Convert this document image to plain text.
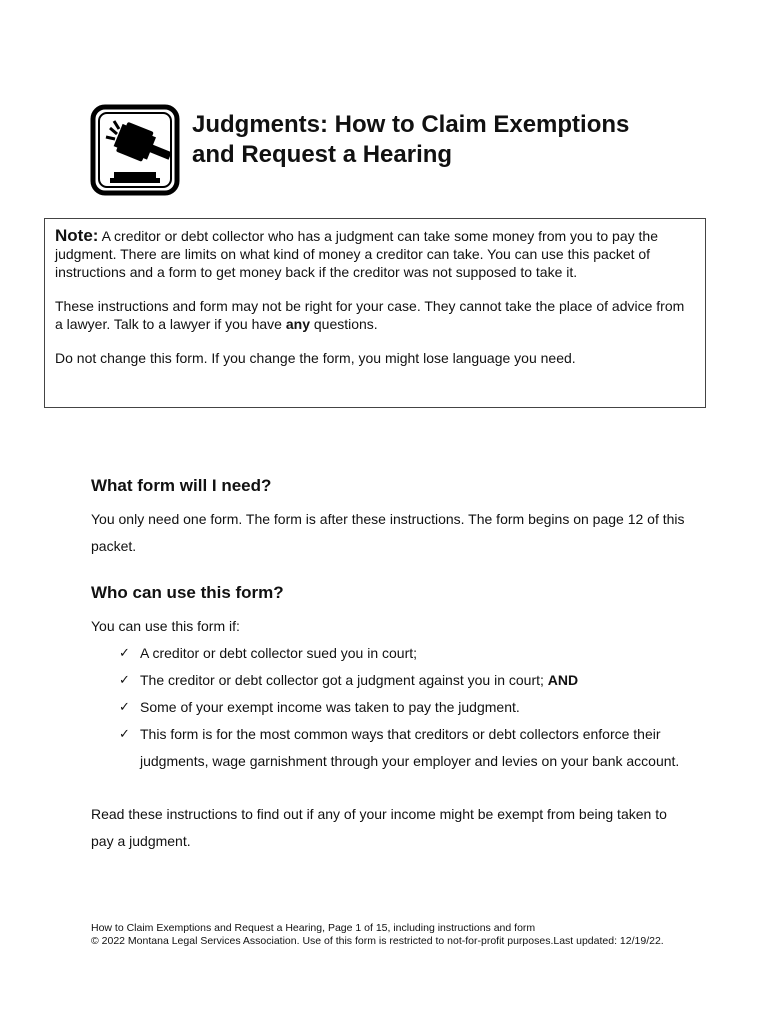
Judgments: How to Claim Exemptions
and Request a Hearing

Note: A creditor or debt collector who has a judgment can take some money from you to pay the judgment. There are limits on what kind of money a creditor can take. You can use this packet of instructions and a form to get money back if the creditor was not supposed to take it.

These instructions and form may not be right for your case. They cannot take the place of advice from a lawyer. Talk to a lawyer if you have any questions.

Do not change this form. If you change the form, you might lose language you need.

What form will I need?

You only need one form. The form is after these instructions. The form begins on page 12 of this packet.

Who can use this form?

You can use this form if:

✓ A creditor or debt collector sued you in court;
✓ The creditor or debt collector got a judgment against you in court; AND
✓ Some of your exempt income was taken to pay the judgment.
✓ This form is for the most common ways that creditors or debt collectors enforce their judgments, wage garnishment through your employer and levies on your bank account.

Read these instructions to find out if any of your income might be exempt from being taken to pay a judgment.

How to Claim Exemptions and Request a Hearing, Page 1 of 15, including instructions and form
© 2022 Montana Legal Services Association. Use of this form is restricted to not-for-profit purposes.Last updated: 12/19/22.
